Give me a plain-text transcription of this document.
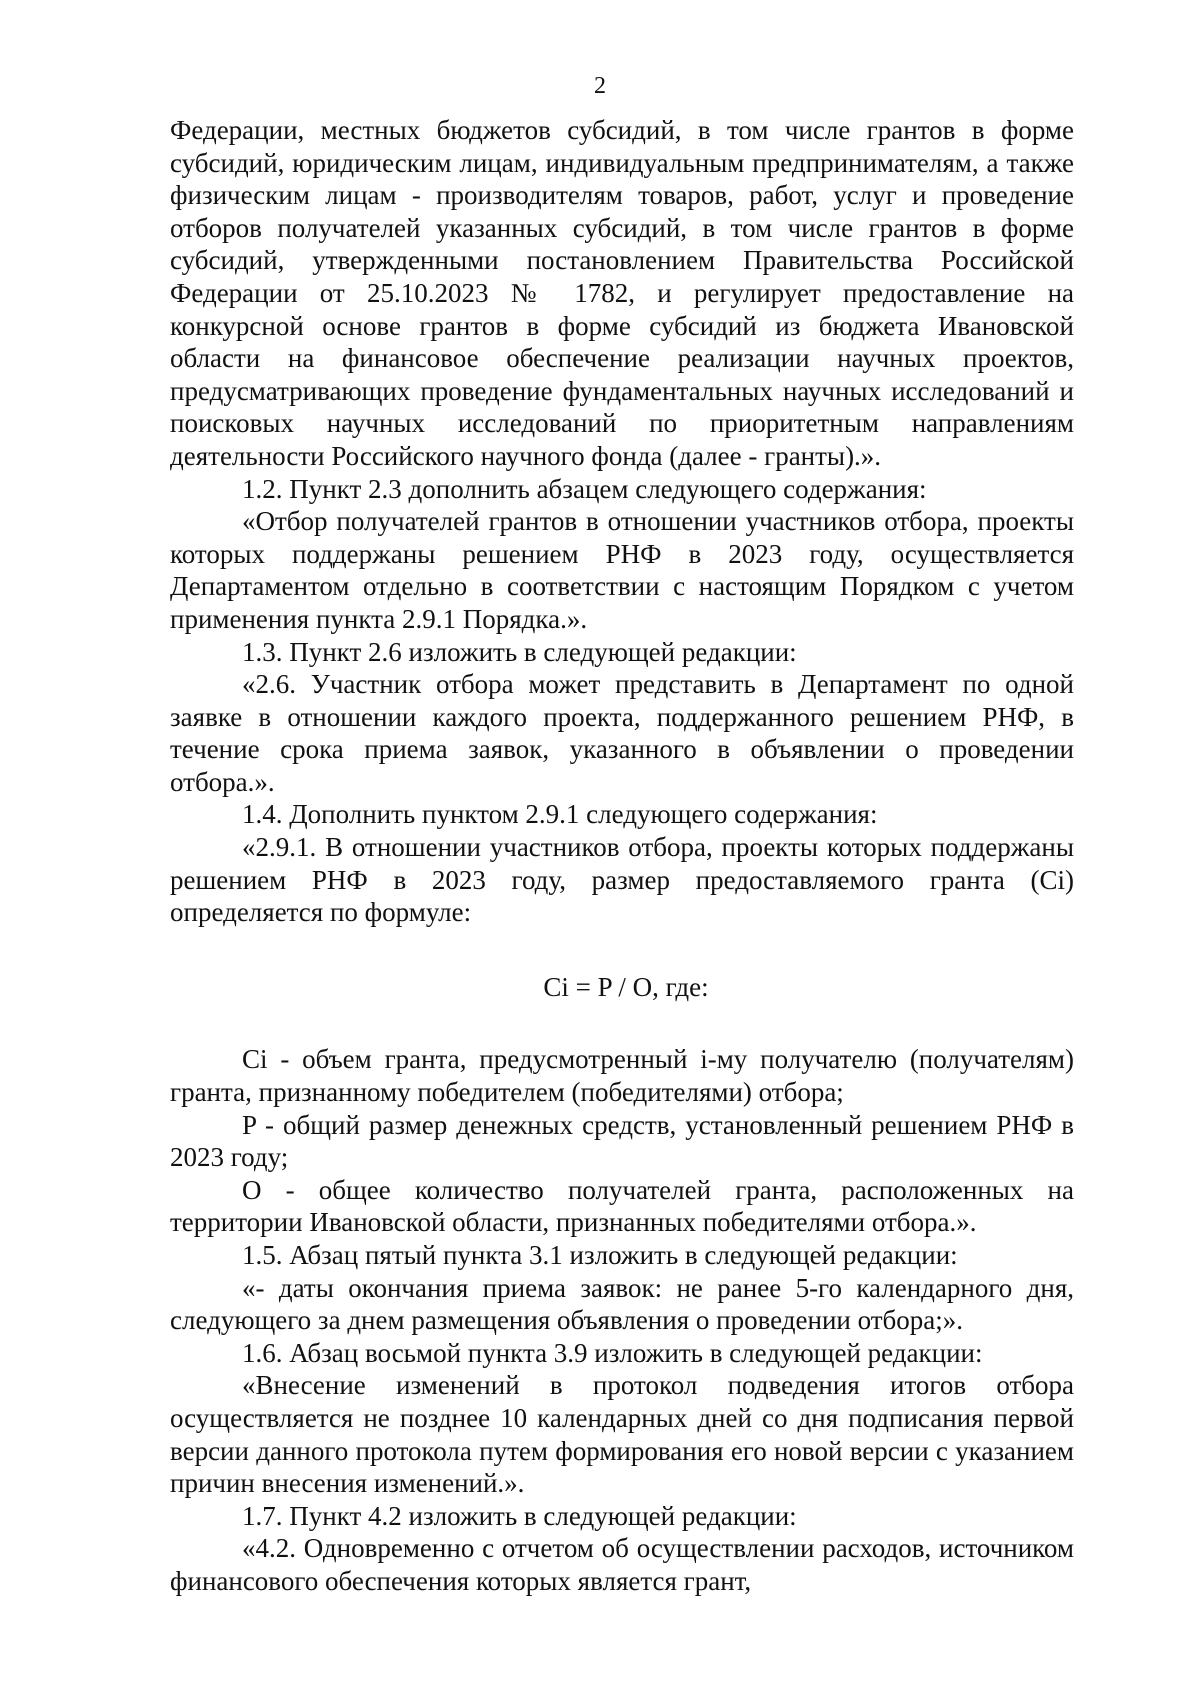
2

Федерации, местных бюджетов субсидий, в том числе грантов в форме субсидий, юридическим лицам, индивидуальным предпринимателям, а также физическим лицам - производителям товаров, работ, услуг и проведение отборов получателей указанных субсидий, в том числе грантов в форме субсидий, утвержденными постановлением Правительства Российской Федерации от 25.10.2023 № 1782, и регулирует предоставление на конкурсной основе грантов в форме субсидий из бюджета Ивановской области на финансовое обеспечение реализации научных проектов, предусматривающих проведение фундаментальных научных исследований и поисковых научных исследований по приоритетным направлениям деятельности Российского научного фонда (далее - гранты).».

1.2. Пункт 2.3 дополнить абзацем следующего содержания:

«Отбор получателей грантов в отношении участников отбора, проекты которых поддержаны решением РНФ в 2023 году, осуществляется Департаментом отдельно в соответствии с настоящим Порядком с учетом применения пункта 2.9.1 Порядка.».

1.3. Пункт 2.6 изложить в следующей редакции:

«2.6. Участник отбора может представить в Департамент по одной заявке в отношении каждого проекта, поддержанного решением РНФ, в течение срока приема заявок, указанного в объявлении о проведении отбора.».

1.4. Дополнить пунктом 2.9.1 следующего содержания:

«2.9.1. В отношении участников отбора, проекты которых поддержаны решением РНФ в 2023 году, размер предоставляемого гранта (Ci) определяется по формуле:

Ci = P / O, где:

Ci - объем гранта, предусмотренный i-му получателю (получателям) гранта, признанному победителем (победителями) отбора;

P - общий размер денежных средств, установленный решением РНФ в 2023 году;

О - общее количество получателей гранта, расположенных на территории Ивановской области, признанных победителями отбора.».

1.5. Абзац пятый пункта 3.1 изложить в следующей редакции:

«- даты окончания приема заявок: не ранее 5-го календарного дня, следующего за днем размещения объявления о проведении отбора;».

1.6. Абзац восьмой пункта 3.9 изложить в следующей редакции:

«Внесение изменений в протокол подведения итогов отбора осуществляется не позднее 10 календарных дней со дня подписания первой версии данного протокола путем формирования его новой версии с указанием причин внесения изменений.».

1.7. Пункт 4.2 изложить в следующей редакции:

«4.2. Одновременно с отчетом об осуществлении расходов, источником финансового обеспечения которых является грант,
